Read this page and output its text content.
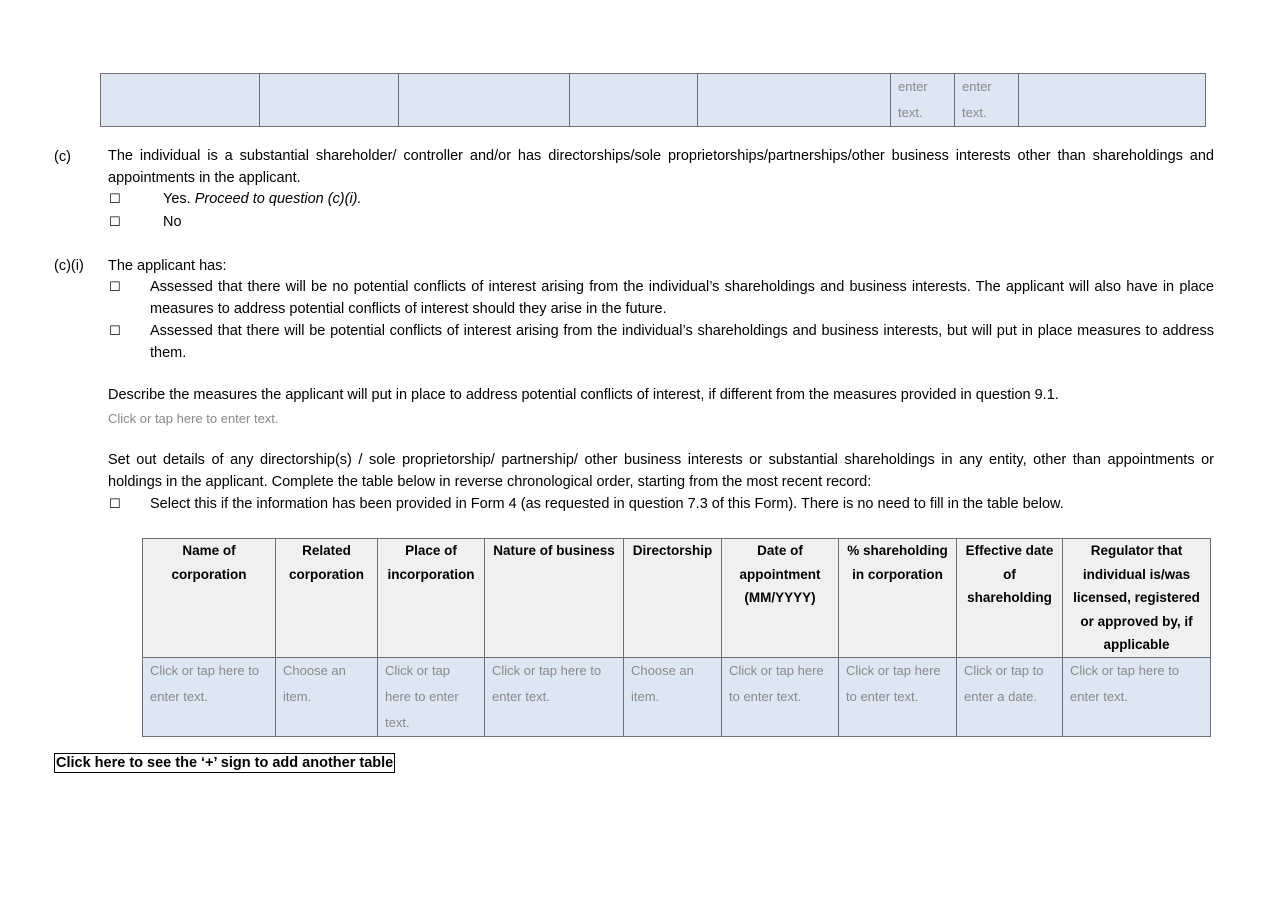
					enter text.	enter text.	
(c)	The individual is a substantial shareholder/ controller and/or has directorships/sole proprietorships/partnerships/other business interests other than shareholdings and appointments in the applicant.
☐	Yes. Proceed to question (c)(i).
☐	No
(c)(i) The applicant has:
☐ Assessed that there will be no potential conflicts of interest arising from the individual’s shareholdings and business interests. The applicant will also have in place measures to address potential conflicts of interest should they arise in the future.
☐ Assessed that there will be potential conflicts of interest arising from the individual’s shareholdings and business interests, but will put in place measures to address them.
Describe the measures the applicant will put in place to address potential conflicts of interest, if different from the measures provided in question 9.1.
Click or tap here to enter text.
Set out details of any directorship(s) / sole proprietorship/ partnership/ other business interests or substantial shareholdings in any entity, other than appointments or holdings in the applicant. Complete the table below in reverse chronological order, starting from the most recent record:
☐ Select this if the information has been provided in Form 4 (as requested in question 7.3 of this Form). There is no need to fill in the table below.
Name of corporation	Related corporation	Place of incorporation	Nature of business	Directorship	Date of appointment (MM/YYYY)	% shareholding in corporation	Effective date of shareholding	Regulator that individual is/was licensed, registered or approved by, if applicable
Click or tap here to enter text.	Choose an item.	Click or tap here to enter text.	Click or tap here to enter text.	Choose an item.	Click or tap here to enter text.	Click or tap here to enter text.	Click or tap to enter a date.	Click or tap here to enter text.
Click here to see the ‘+’ sign to add another table
